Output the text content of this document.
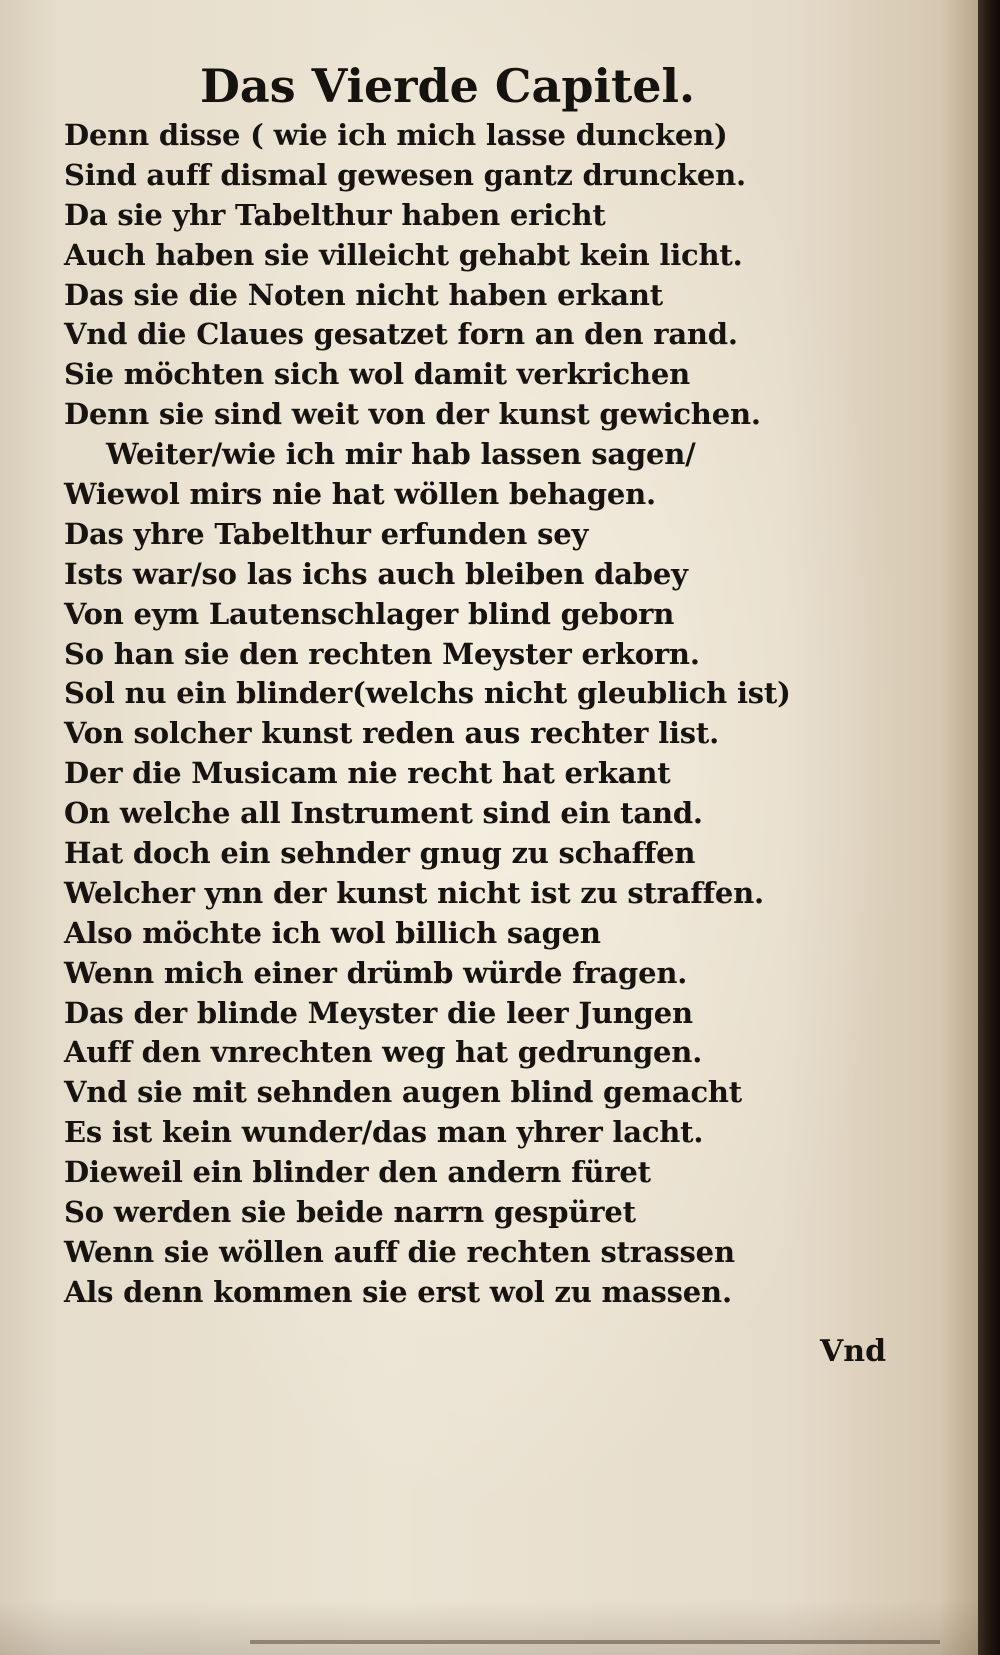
Das Vierde Capitel.
Denn disse ( wie ich mich lasse duncken)
Sind auff dismal gewesen gantz druncken.
Da sie yhr Tabelthur haben ericht
Auch haben sie villeicht gehabt kein licht.
Das sie die Noten nicht haben erkant
Vnd die Claues gesatzet forn an den rand.
Sie möchten sich wol damit verkrichen
Denn sie sind weit von der kunst gewichen.
Weiter/wie ich mir hab lassen sagen/
Wiewol mirs nie hat wöllen behagen.
Das yhre Tabelthur erfunden sey
Ists war/so las ichs auch bleiben dabey
Von eym Lautenschlager blind geborn
So han sie den rechten Meyster erkorn.
Sol nu ein blinder(welchs nicht gleublich ist)
Von solcher kunst reden aus rechter list.
Der die Musicam nie recht hat erkant
On welche all Instrument sind ein tand.
Hat doch ein sehnder gnug zu schaffen
Welcher ynn der kunst nicht ist zu straffen.
Also möchte ich wol billich sagen
Wenn mich einer drümb würde fragen.
Das der blinde Meyster die leer Jungen
Auff den vnrechten weg hat gedrungen.
Vnd sie mit sehnden augen blind gemacht
Es ist kein wunder/das man yhrer lacht.
Dieweil ein blinder den andern füret
So werden sie beide narrn gespüret
Wenn sie wöllen auff die rechten strassen
Als denn kommen sie erst wol zu massen.
Vnd
